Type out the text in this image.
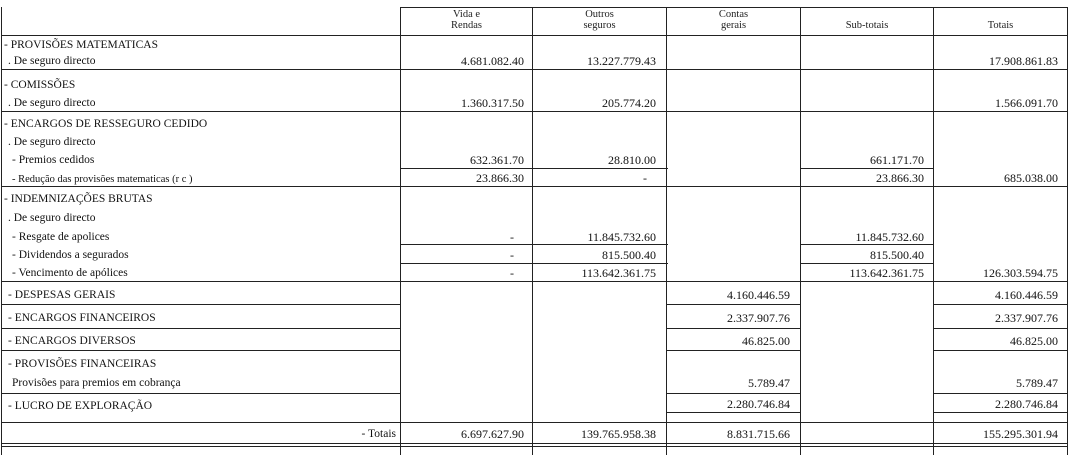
Vida e
Rendas
Outros
seguros
Contas
gerais	Sub-totais	Totais
- PROVISÕES MATEMATICAS
. De seguro directo
- COMISSÕES
. De seguro directo
- ENCARGOS DE RESSEGURO CEDIDO
. De seguro directo
- Premios cedidos
- Redução das provisões matematicas (r c )
- INDEMNIZAÇÕES BRUTAS
. De seguro directo
- Resgate de apolices
- Dividendos a segurados
- Vencimento de apólices
- DESPESAS GERAIS
- ENCARGOS FINANCEIROS
- ENCARGOS DIVERSOS
- PROVISÕES FINANCEIRAS
Provisões para premios em cobrança
- LUCRO DE EXPLORAÇÃO
- Totais
4.681.082.40
1.360.317.50
632.361.70
23.866.30
-
-
-
6.697.627.90
13.227.779.43
205.774.20
28.810.00
-
11.845.732.60
815.500.40
113.642.361.75
139.765.958.38
4.160.446.59
2.337.907.76
46.825.00
5.789.47
2.280.746.84
8.831.715.66
661.171.70
23.866.30
11.845.732.60
815.500.40
113.642.361.75
17.908.861.83
1.566.091.70
685.038.00
126.303.594.75
4.160.446.59
2.337.907.76
46.825.00
5.789.47
2.280.746.84
155.295.301.94
